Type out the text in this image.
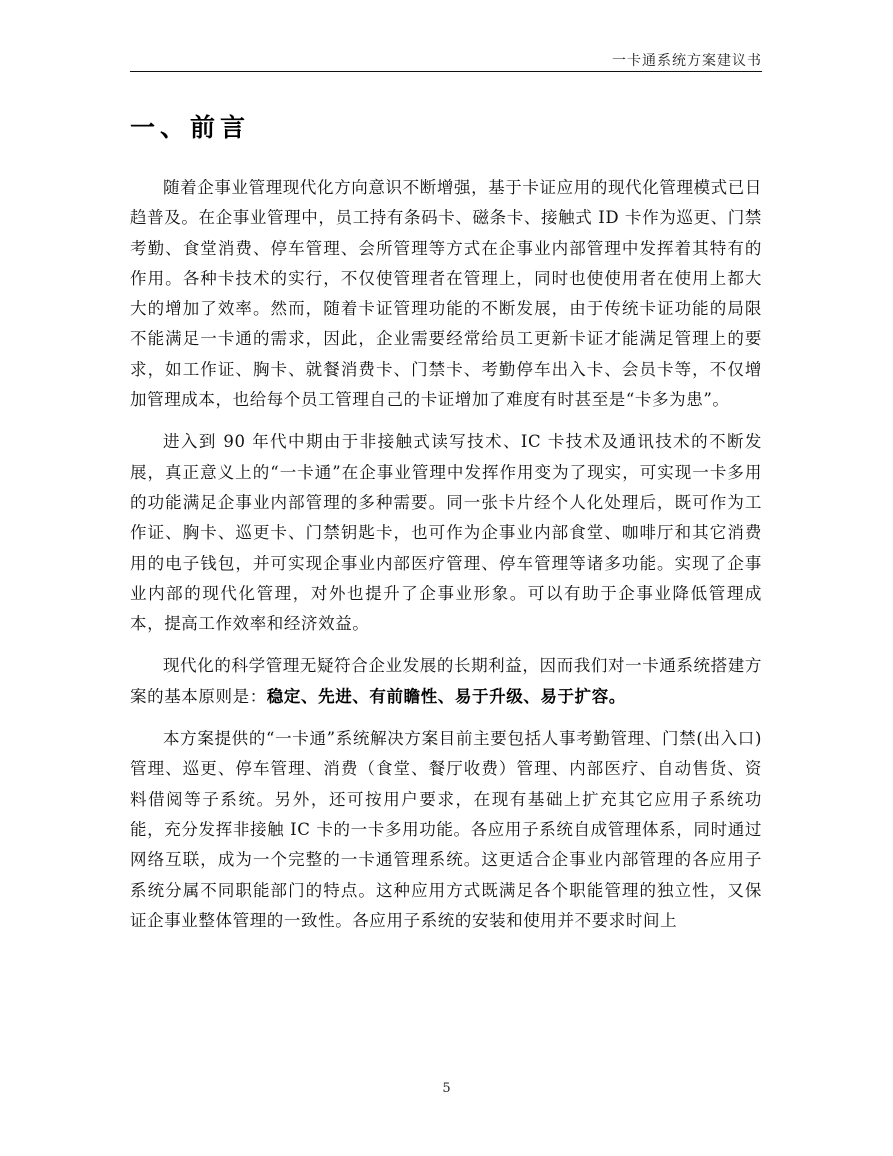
一卡通系统方案建议书
一、前言

随着企事业管理现代化方向意识不断增强，基于卡证应用的现代化管理模式已日趋普及。在企事业管理中，员工持有条码卡、磁条卡、接触式 ID 卡作为巡更、门禁考勤、食堂消费、停车管理、会所管理等方式在企事业内部管理中发挥着其特有的作用。各种卡技术的实行，不仅使管理者在管理上，同时也使使用者在使用上都大大的增加了效率。然而，随着卡证管理功能的不断发展，由于传统卡证功能的局限不能满足一卡通的需求，因此，企业需要经常给员工更新卡证才能满足管理上的要求，如工作证、胸卡、就餐消费卡、门禁卡、考勤停车出入卡、会员卡等，不仅增加管理成本，也给每个员工管理自己的卡证增加了难度有时甚至是“卡多为患”。

进入到 90 年代中期由于非接触式读写技术、IC 卡技术及通讯技术的不断发展，真正意义上的“一卡通”在企事业管理中发挥作用变为了现实，可实现一卡多用的功能满足企事业内部管理的多种需要。同一张卡片经个人化处理后，既可作为工作证、胸卡、巡更卡、门禁钥匙卡，也可作为企事业内部食堂、咖啡厅和其它消费用的电子钱包，并可实现企事业内部医疗管理、停车管理等诸多功能。实现了企事业内部的现代化管理，对外也提升了企事业形象。可以有助于企事业降低管理成本，提高工作效率和经济效益。

现代化的科学管理无疑符合企业发展的长期利益，因而我们对一卡通系统搭建方案的基本原则是：稳定、先进、有前瞻性、易于升级、易于扩容。

本方案提供的“一卡通”系统解决方案目前主要包括人事考勤管理、门禁(出入口)管理、巡更、停车管理、消费（食堂、餐厅收费）管理、内部医疗、自动售货、资料借阅等子系统。另外，还可按用户要求，在现有基础上扩充其它应用子系统功能，充分发挥非接触 IC 卡的一卡多用功能。各应用子系统自成管理体系，同时通过网络互联，成为一个完整的一卡通管理系统。这更适合企事业内部管理的各应用子系统分属不同职能部门的特点。这种应用方式既满足各个职能管理的独立性，又保证企事业整体管理的一致性。各应用子系统的安装和使用并不要求时间上

5
